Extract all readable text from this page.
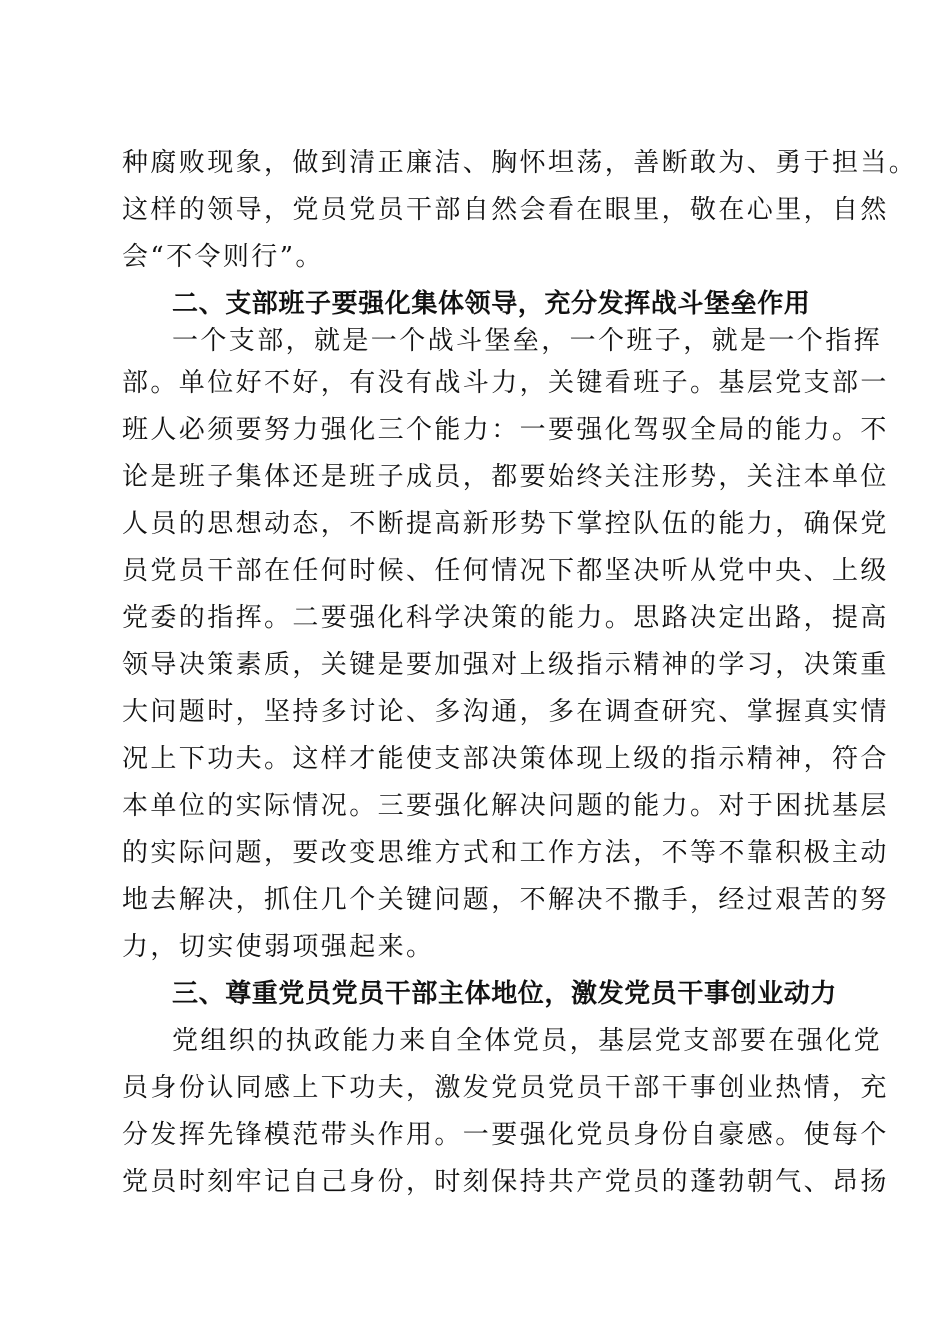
种腐败现象，做到清正廉洁、胸怀坦荡，善断敢为、勇于担当。
这样的领导，党员党员干部自然会看在眼里，敬在心里，自然
会“不令则行”。
二、支部班子要强化集体领导，充分发挥战斗堡垒作用
一个支部，就是一个战斗堡垒，一个班子，就是一个指挥
部。单位好不好，有没有战斗力，关键看班子。基层党支部一
班人必须要努力强化三个能力：一要强化驾驭全局的能力。不
论是班子集体还是班子成员，都要始终关注形势，关注本单位
人员的思想动态，不断提高新形势下掌控队伍的能力，确保党
员党员干部在任何时候、任何情况下都坚决听从党中央、上级
党委的指挥。二要强化科学决策的能力。思路决定出路，提高
领导决策素质，关键是要加强对上级指示精神的学习，决策重
大问题时，坚持多讨论、多沟通，多在调查研究、掌握真实情
况上下功夫。这样才能使支部决策体现上级的指示精神，符合
本单位的实际情况。三要强化解决问题的能力。对于困扰基层
的实际问题，要改变思维方式和工作方法，不等不靠积极主动
地去解决，抓住几个关键问题，不解决不撒手，经过艰苦的努
力，切实使弱项强起来。
三、尊重党员党员干部主体地位，激发党员干事创业动力
党组织的执政能力来自全体党员，基层党支部要在强化党
员身份认同感上下功夫，激发党员党员干部干事创业热情，充
分发挥先锋模范带头作用。一要强化党员身份自豪感。使每个
党员时刻牢记自己身份，时刻保持共产党员的蓬勃朝气、昂扬
